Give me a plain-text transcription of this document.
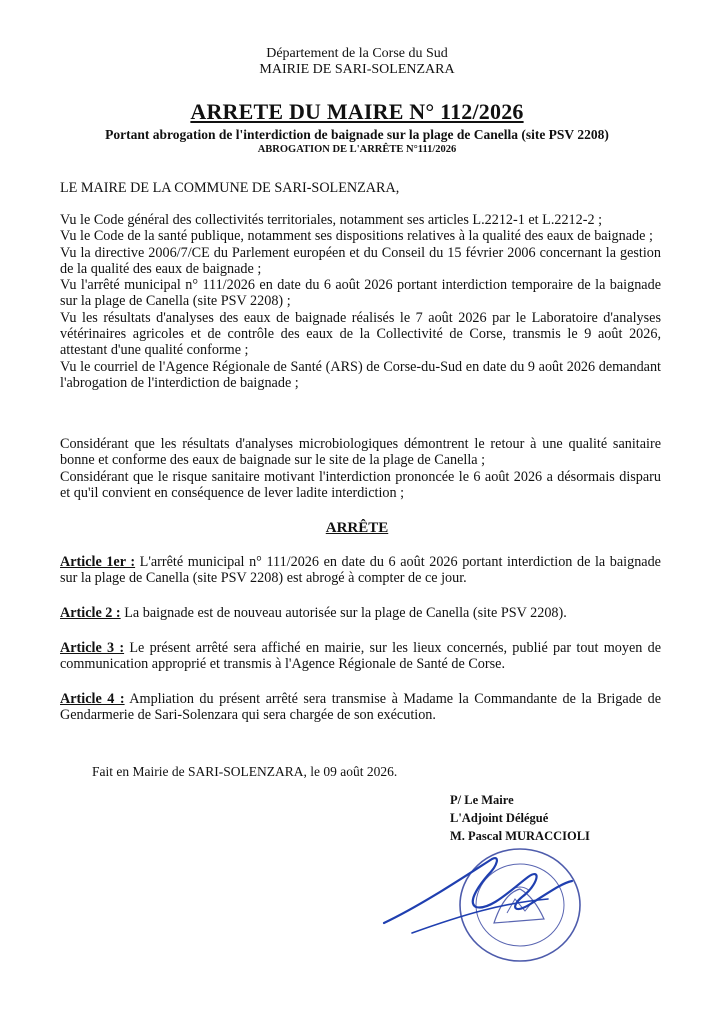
Département de la Corse du Sud
MAIRIE DE SARI-SOLENZARA
ARRETE DU MAIRE N° 112/2026
Portant abrogation de l'interdiction de baignade sur la plage de Canella (site PSV 2208)
ABROGATION DE L'ARRÊTE N°111/2026
LE MAIRE DE LA COMMUNE DE SARI-SOLENZARA,

Vu le Code général des collectivités territoriales, notamment ses articles L.2212-1 et L.2212-2 ;

Vu le Code de la santé publique, notamment ses dispositions relatives à la qualité des eaux de baignade ;

Vu la directive 2006/7/CE du Parlement européen et du Conseil du 15 février 2006 concernant la gestion de la qualité des eaux de baignade ;

Vu l'arrêté municipal n° 111/2026 en date du 6 août 2026 portant interdiction temporaire de la baignade sur la plage de Canella (site PSV 2208) ;

Vu les résultats d'analyses des eaux de baignade réalisés le 7 août 2026 par le Laboratoire d'analyses vétérinaires agricoles et de contrôle des eaux de la Collectivité de Corse, transmis le 9 août 2026, attestant d'une qualité conforme ;

Vu le courriel de l'Agence Régionale de Santé (ARS) de Corse-du-Sud en date du 9 août 2026 demandant l'abrogation de l'interdiction de baignade ;

Considérant que les résultats d'analyses microbiologiques démontrent le retour à une qualité sanitaire bonne et conforme des eaux de baignade sur le site de la plage de Canella ;

Considérant que le risque sanitaire motivant l'interdiction prononcée le 6 août 2026 a désormais disparu et qu'il convient en conséquence de lever ladite interdiction ;

ARRÊTE
Article 1er : L'arrêté municipal n° 111/2026 en date du 6 août 2026 portant interdiction de la baignade sur la plage de Canella (site PSV 2208) est abrogé à compter de ce jour.
Article 2 : La baignade est de nouveau autorisée sur la plage de Canella (site PSV 2208).
Article 3 : Le présent arrêté sera affiché en mairie, sur les lieux concernés, publié par tout moyen de communication approprié et transmis à l'Agence Régionale de Santé de Corse.
Article 4 : Ampliation du présent arrêté sera transmise à Madame la Commandante de la Brigade de Gendarmerie de Sari-Solenzara qui sera chargée de son exécution.
Fait en Mairie de SARI-SOLENZARA, le 09 août 2026.
P/ Le Maire
L'Adjoint Délégué
M. Pascal MURACCIOLI
